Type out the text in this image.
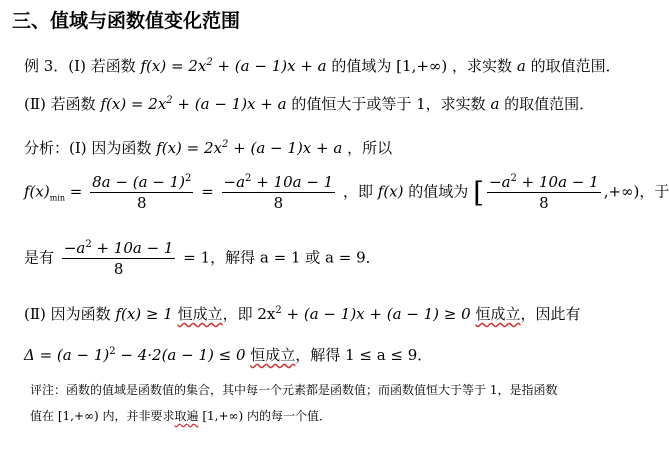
三、值域与函数值变化范围
例 3．(Ⅰ) 若函数 $f(x) = 2x^2 + (a - 1)x + a$ 的值域为 [1,+∞) ，求实数 a 的取值范围．
(Ⅱ) 若函数 $f(x) = 2x^2 + (a - 1)x + a$ 的值恒大于或等于 1，求实数 a 的取值范围．
分析：(Ⅰ) 因为函数 $f(x) = 2x^2 + (a - 1)x + a$ ，所以
$f(x)_{min} = \frac{8a - (a - 1)^2}{8} = \frac{-a^2 + 10a - 1}{8}$ ，即 f(x) 的值域为 [ $\frac{-a^2 + 10a - 1}{8}$ ,+∞)，于
是有 $\frac{-a^2 + 10a - 1}{8} = 1$，解得 a = 1 或 a = 9．
(Ⅱ) 因为函数 f(x) ≥ 1 恒成立，即 $2x^2 + (a - 1)x + (a - 1) \ge 0$ 恒成立，因此有
$\Delta = (a - 1)^2 - 4\cdot 2(a - 1) \le 0$ 恒成立，解得 1 ≤ a ≤ 9．
评注：函数的值域是函数值的集合，其中每一个元素都是函数值；而函数值恒大于等于 1，是指函数
值在 [1,+∞) 内，并非要求取遍 [1,+∞) 内的每一个值．
